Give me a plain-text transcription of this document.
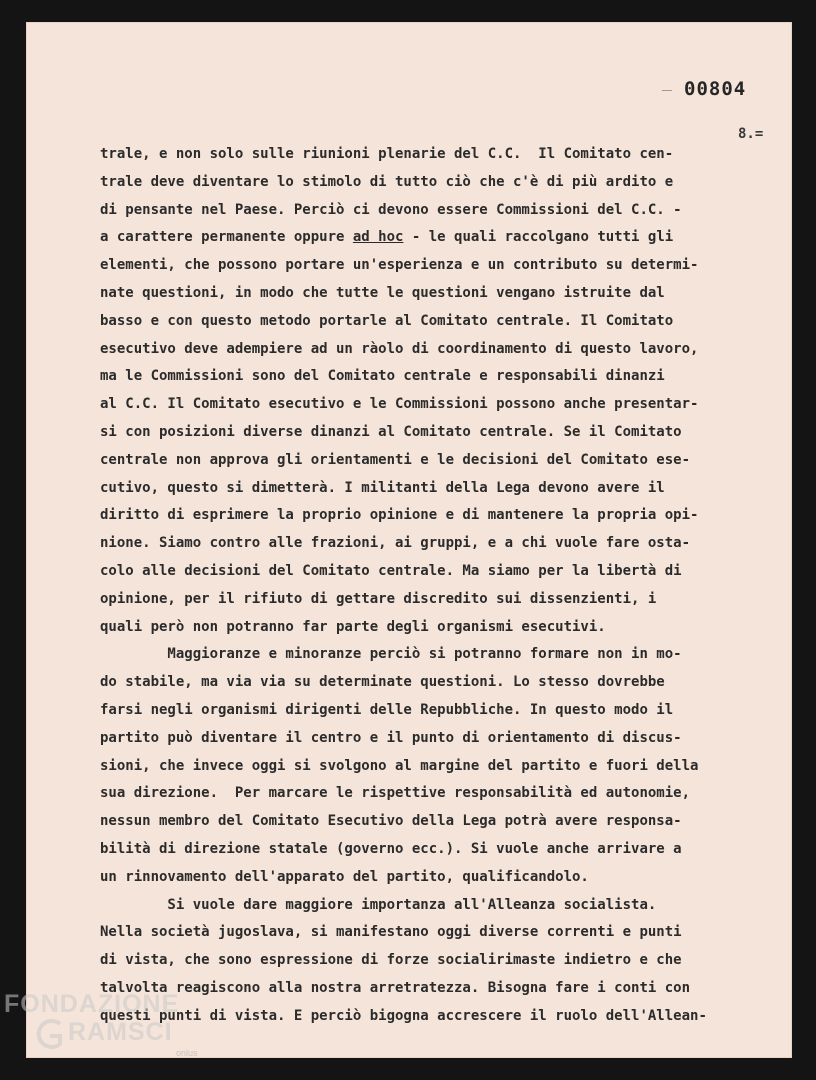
00804
8.=
trale, e non solo sulle riunioni plenarie del C.C.  Il Comitato cen-
trale deve diventare lo stimolo di tutto ciò che c'è di più ardito e
di pensante nel Paese. Perciò ci devono essere Commissioni del C.C. -
a carattere permanente oppure ad hoc - le quali raccolgano tutti gli
elementi, che possono portare un'esperienza e un contributo su determi-
nate questioni, in modo che tutte le questioni vengano istruite dal
basso e con questo metodo portarle al Comitato centrale. Il Comitato
esecutivo deve adempiere ad un ràolo di coordinamento di questo lavoro,
ma le Commissioni sono del Comitato centrale e responsabili dinanzi
al C.C. Il Comitato esecutivo e le Commissioni possono anche presentar-
si con posizioni diverse dinanzi al Comitato centrale. Se il Comitato
centrale non approva gli orientamenti e le decisioni del Comitato ese-
cutivo, questo si dimetterà. I militanti della Lega devono avere il
diritto di esprimere la proprio opinione e di mantenere la propria opi-
nione. Siamo contro alle frazioni, ai gruppi, e a chi vuole fare osta-
colo alle decisioni del Comitato centrale. Ma siamo per la libertà di
opinione, per il rifiuto di gettare discredito sui dissenzienti, i
quali però non potranno far parte degli organismi esecutivi.
Maggioranze e minoranze perciò si potranno formare non in mo-
do stabile, ma via via su determinate questioni. Lo stesso dovrebbe
farsi negli organismi dirigenti delle Repubbliche. In questo modo il
partito può diventare il centro e il punto di orientamento di discus-
sioni, che invece oggi si svolgono al margine del partito e fuori della
sua direzione.  Per marcare le rispettive responsabilità ed autonomie,
nessun membro del Comitato Esecutivo della Lega potrà avere responsa-
bilità di direzione statale (governo ecc.). Si vuole anche arrivare a
un rinnovamento dell'apparato del partito, qualificandolo.
Si vuole dare maggiore importanza all'Alleanza socialista.
Nella società jugoslava, si manifestano oggi diverse correnti e punti
di vista, che sono espressione di forze socialirimaste indietro e che
talvolta reagiscono alla nostra arretratezza. Bisogna fare i conti con
questi punti di vista. E perciò bigogna accrescere il ruolo dell'Allean-
FONDAZIONE
RAMSCI
onlus
